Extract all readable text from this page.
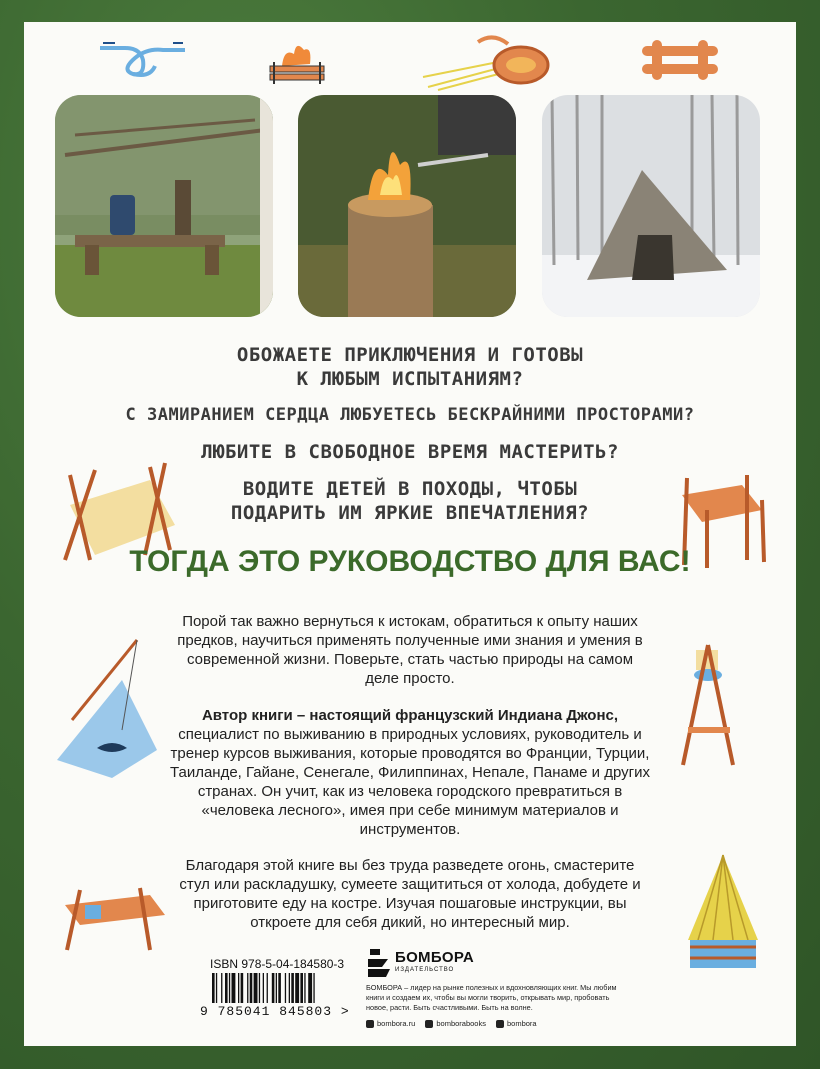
ОБОЖАЕТЕ ПРИКЛЮЧЕНИЯ И ГОТОВЫ
К ЛЮБЫМ ИСПЫТАНИЯМ?
С ЗАМИРАНИЕМ СЕРДЦА ЛЮБУЕТЕСЬ БЕСКРАЙНИМИ ПРОСТОРАМИ?
ЛЮБИТЕ В СВОБОДНОЕ ВРЕМЯ МАСТЕРИТЬ?
ВОДИТЕ ДЕТЕЙ В ПОХОДЫ, ЧТОБЫ
ПОДАРИТЬ ИМ ЯРКИЕ ВПЕЧАТЛЕНИЯ?
ТОГДА ЭТО РУКОВОДСТВО ДЛЯ ВАС!
Порой так важно вернуться к истокам, обратиться к опыту наших предков, научиться применять полученные ими знания и умения в современной жизни. Поверьте, стать частью природы на самом деле просто.
Автор книги – настоящий французский Индиана Джонс, специалист по выживанию в природных условиях, руководитель и тренер курсов выживания, которые проводятся во Франции, Турции, Таиланде, Гайане, Сенегале, Филиппинах, Непале, Панаме и других странах. Он учит, как из человека городского превратиться в «человека лесного», имея при себе минимум материалов и инструментов.
Благодаря этой книге вы без труда разведете огонь, смастерите стул или раскладушку, сумеете защититься от холода, добудете и приготовите еду на костре. Изучая пошаговые инструкции, вы откроете для себя дикий, но интересный мир.
ISBN 978-5-04-184580-3
9 785041 845803 >
БОМБОРА
ИЗДАТЕЛЬСТВО
БОМБОРА – лидер на рынке полезных и вдохновляющих книг. Мы любим книги и создаем их, чтобы вы могли творить, открывать мир, пробовать новое, расти. Быть счастливыми. Быть на волне.
bombora.ru	bomborabooks	bombora
